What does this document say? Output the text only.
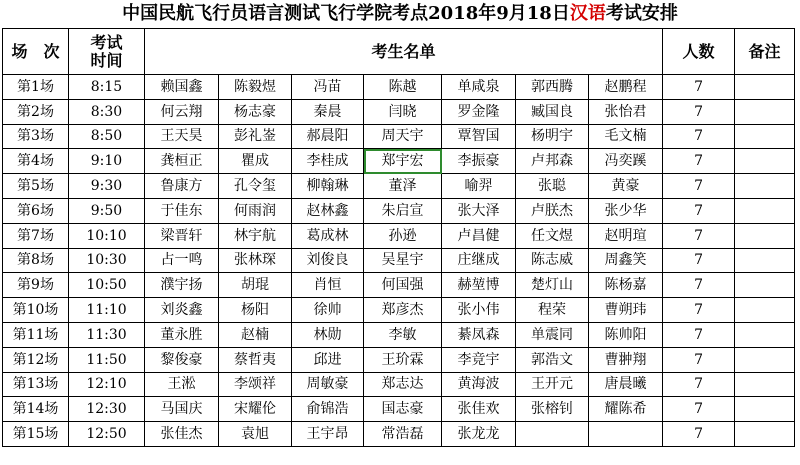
中国民航飞行员语言测试飞行学院考点2018年9月18日汉语考试安排
场　次	考试时间	考生名单							人数	备注
第1场	8:15	赖国鑫	陈毅煜	冯苗	陈越	单咸泉	郭西腾	赵鹏程	7	
第2场	8:30	何云翔	杨志豪	秦晨	闫晓	罗金隆	臧国良	张怡君	7	
第3场	8:50	王天昊	彭礼崟	郝晨阳	周天宇	覃智国	杨明宇	毛文楠	7	
第4场	9:10	龚桓正	瞿成	李桂成	郑宇宏	李振豪	卢邦森	冯奕蹊	7	
第5场	9:30	鲁康方	孔令玺	柳翰琳	董泽	喻羿	张聪	黄豪	7	
第6场	9:50	于佳东	何雨润	赵林鑫	朱启宣	张大泽	卢朕杰	张少华	7	
第7场	10:10	梁晋轩	林宇航	葛成林	孙逊	卢昌健	任文煜	赵明瑄	7	
第8场	10:30	占一鸣	张林琛	刘俊良	吴星宇	庄继成	陈志威	周鑫笑	7	
第9场	10:50	濮宇扬	胡琨	肖恒	何国强	赫堃博	楚灯山	陈杨嘉	7	
第10场	11:10	刘炎鑫	杨阳	徐帅	郑彦杰	张小伟	程荣	曹朔玮	7	
第11场	11:30	董永胜	赵楠	林勋	李敏	綦凤森	单震同	陈帅阳	7	
第12场	11:50	黎俊豪	蔡哲夷	邱进	王玠霖	李竞宇	郭浩文	曹翀翔	7	
第13场	12:10	王淞	李颂祥	周敏豪	郑志达	黄海波	王开元	唐晨曦	7	
第14场	12:30	马国庆	宋耀伦	俞锦浩	国志豪	张佳欢	张榕钊	耀陈希	7	
第15场	12:50	张佳杰	袁旭	王宇昂	常浩磊	张龙龙			7	
